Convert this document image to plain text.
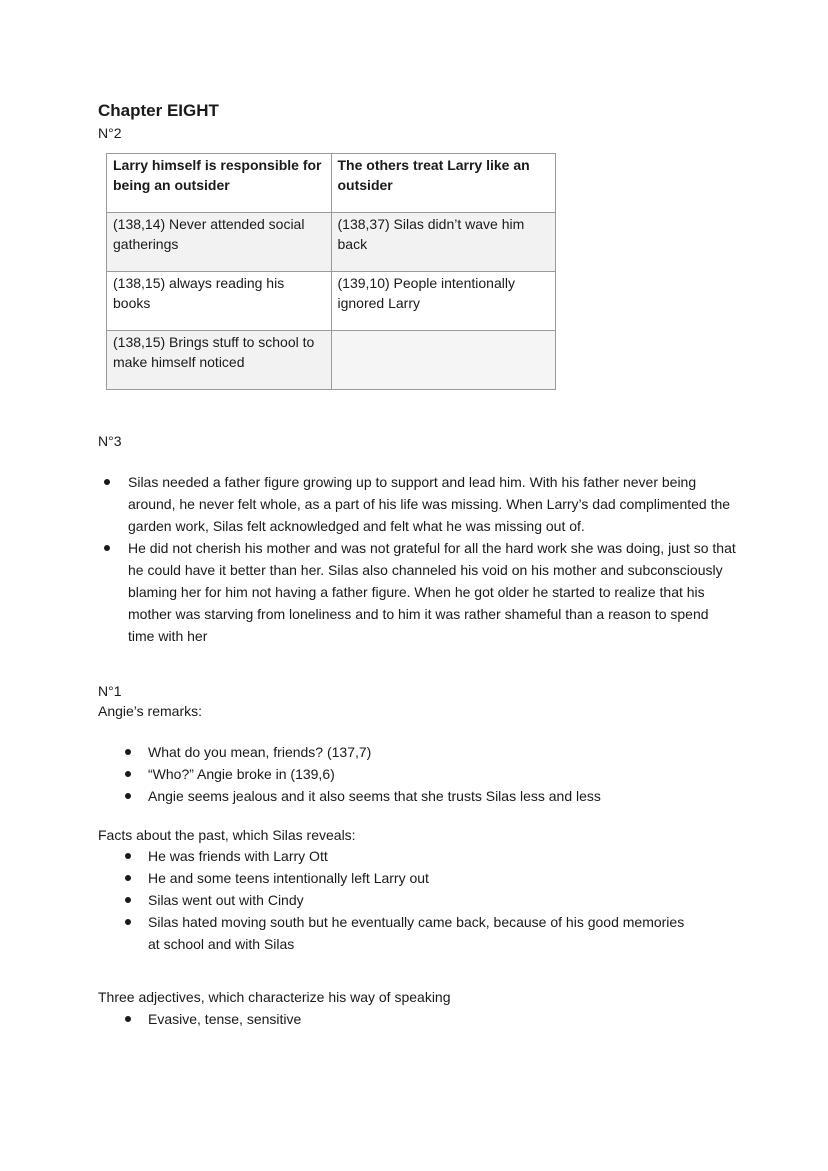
Chapter EIGHT

N°2

Larry himself is responsible for being an outsider	The others treat Larry like an outsider
(138,14) Never attended social gatherings	(138,37) Silas didn’t wave him back
(138,15) always reading his books	(139,10) People intentionally ignored Larry
(138,15) Brings stuff to school to make himself noticed	

N°3

Silas needed a father figure growing up to support and lead him. With his father never being around, he never felt whole, as a part of his life was missing. When Larry’s dad complimented the garden work, Silas felt acknowledged and felt what he was missing out of.
He did not cherish his mother and was not grateful for all the hard work she was doing, just so that he could have it better than her. Silas also channeled his void on his mother and subconsciously blaming her for him not having a father figure. When he got older he started to realize that his mother was starving from loneliness and to him it was rather shameful than a reason to spend time with her

N°1

Angie’s remarks:

What do you mean, friends? (137,7)
“Who?” Angie broke in (139,6)
Angie seems jealous and it also seems that she trusts Silas less and less

Facts about the past, which Silas reveals:

He was friends with Larry Ott
He and some teens intentionally left Larry out
Silas went out with Cindy
Silas hated moving south but he eventually came back, because of his good memories at school and with Silas

Three adjectives, which characterize his way of speaking

Evasive, tense, sensitive
